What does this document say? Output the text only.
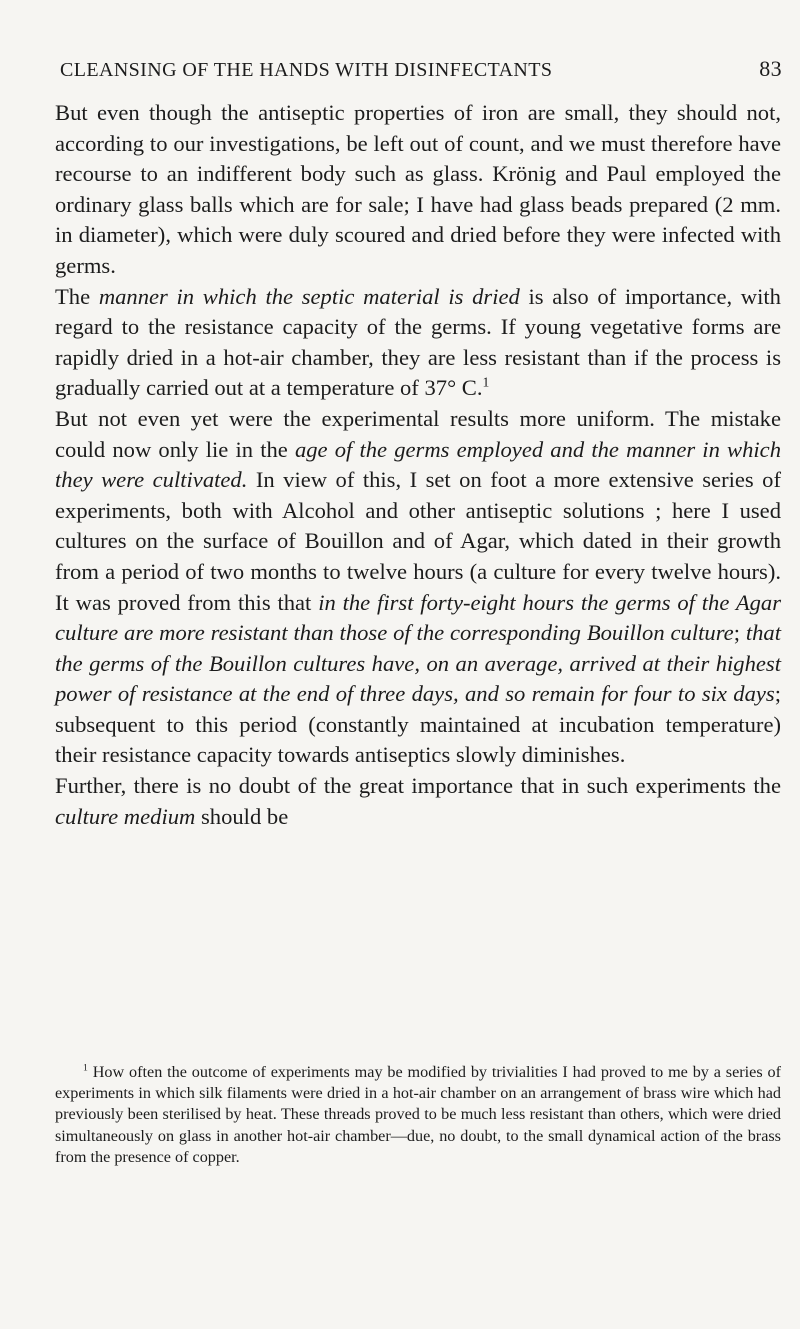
CLEANSING OF THE HANDS WITH DISINFECTANTS	83

But even though the antiseptic properties of iron are small, they should not, according to our investigations, be left out of count, and we must therefore have recourse to an indifferent body such as glass. Krönig and Paul employed the ordinary glass balls which are for sale; I have had glass beads prepared (2 mm. in diameter), which were duly scoured and dried before they were infected with germs.

The manner in which the septic material is dried is also of importance, with regard to the resistance capacity of the germs. If young vegetative forms are rapidly dried in a hot-air chamber, they are less resistant than if the process is gradually carried out at a temperature of 37° C.$^1$

But not even yet were the experimental results more uniform. The mistake could now only lie in the age of the germs employed and the manner in which they were cultivated. In view of this, I set on foot a more extensive series of experiments, both with Alcohol and other antiseptic solutions ; here I used cultures on the surface of Bouillon and of Agar, which dated in their growth from a period of two months to twelve hours (a culture for every twelve hours). It was proved from this that in the first forty-eight hours the germs of the Agar culture are more resistant than those of the corresponding Bouillon culture; that the germs of the Bouillon cultures have, on an average, arrived at their highest power of resistance at the end of three days, and so remain for four to six days; subsequent to this period (constantly maintained at incubation temperature) their resistance capacity towards antiseptics slowly diminishes.

Further, there is no doubt of the great importance that in such experiments the culture medium should be

$^1$ How often the outcome of experiments may be modified by trivialities I had proved to me by a series of experiments in which silk filaments were dried in a hot-air chamber on an arrangement of brass wire which had previously been sterilised by heat. These threads proved to be much less resistant than others, which were dried simultaneously on glass in another hot-air chamber—due, no doubt, to the small dynamical action of the brass from the presence of copper.
